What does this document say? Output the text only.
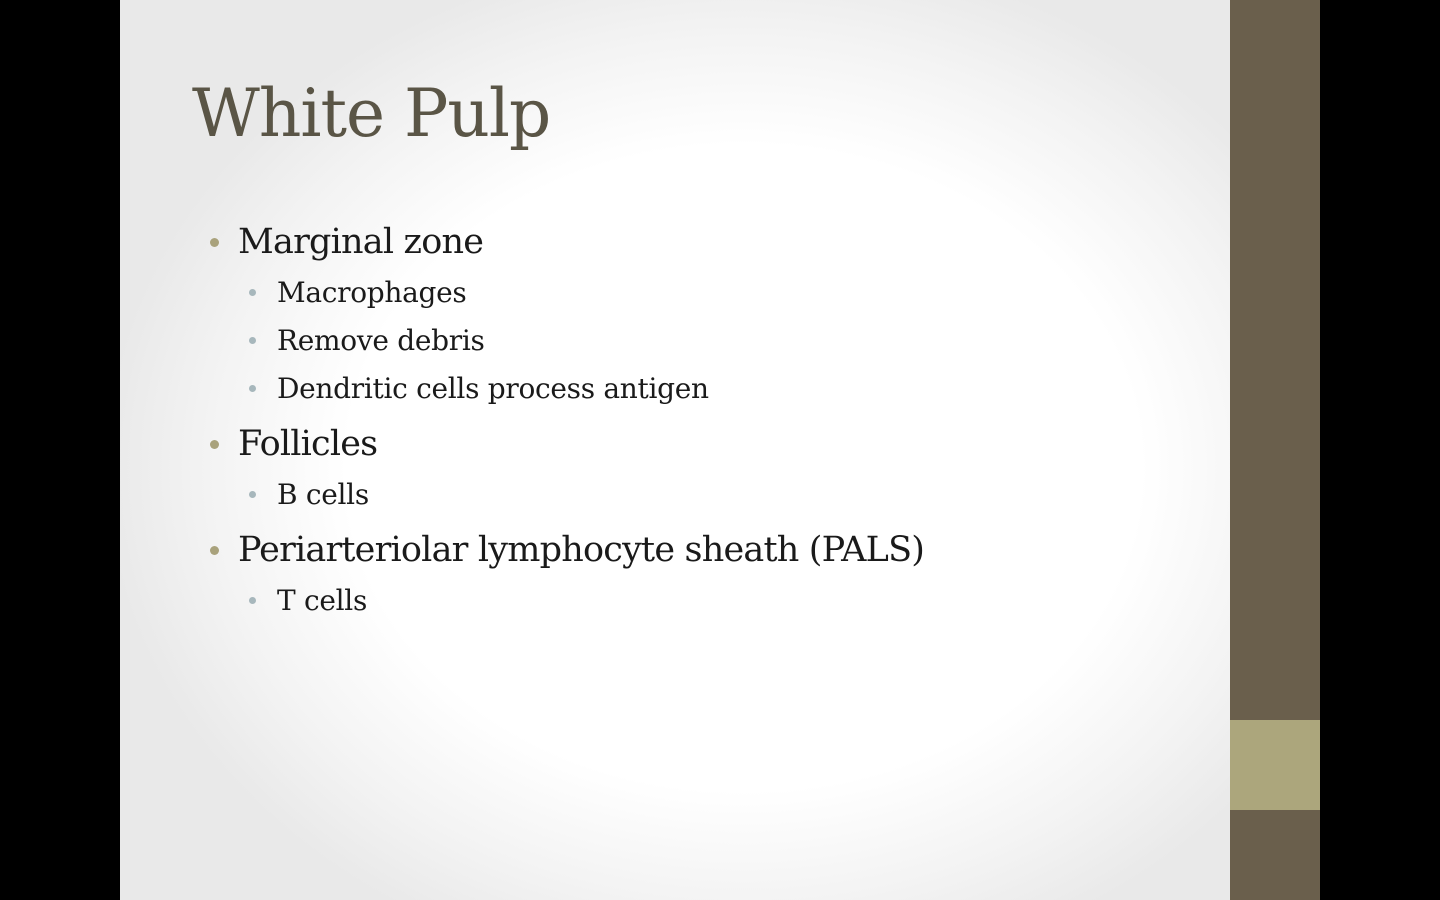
White Pulp
Marginal zone
Macrophages
Remove debris
Dendritic cells process antigen
Follicles
B cells
Periarteriolar lymphocyte sheath (PALS)
T cells
